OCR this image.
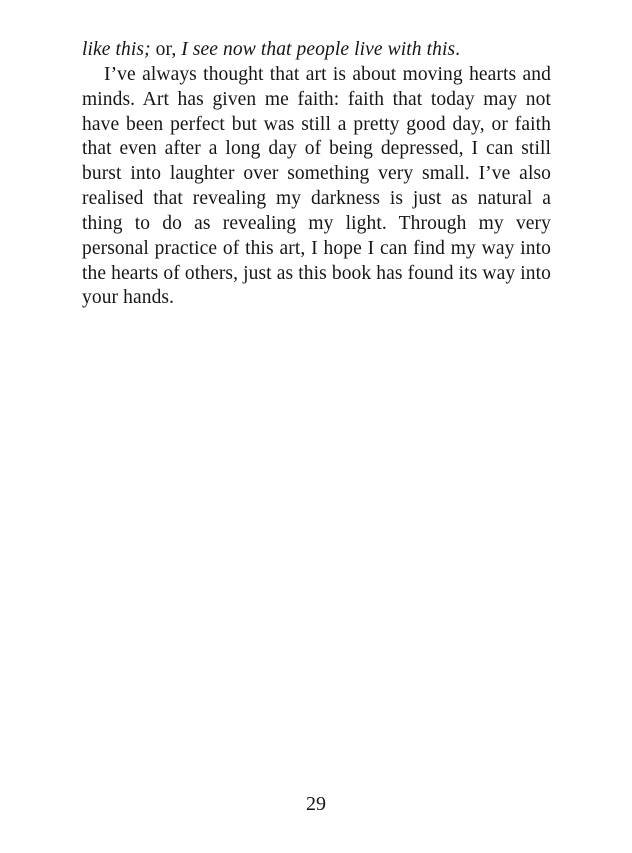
like this; or, I see now that people live with this.

I’ve always thought that art is about moving hearts and minds. Art has given me faith: faith that today may not have been perfect but was still a pretty good day, or faith that even after a long day of being depressed, I can still burst into laughter over something very small. I’ve also realised that revealing my darkness is just as natural a thing to do as revealing my light. Through my very personal practice of this art, I hope I can find my way into the hearts of others, just as this book has found its way into your hands.

29
